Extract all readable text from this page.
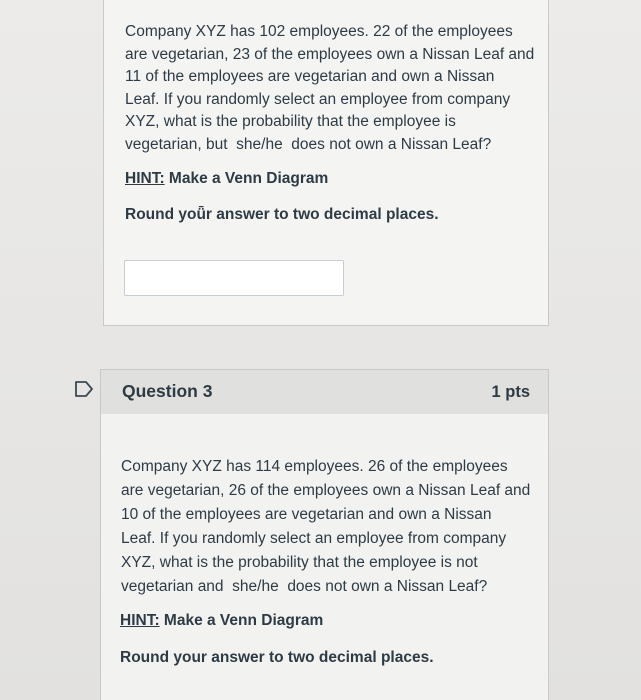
Company XYZ has 102 employees. 22 of the employees

are vegetarian, 23 of the employees own a Nissan Leaf and

11 of the employees are vegetarian and own a Nissan

Leaf. If you randomly select an employee from company

XYZ, what is the probability that the employee is

vegetarian, but  she/he  does not own a Nissan Leaf?

HINT: Make a Venn Diagram
Round yoǖr answer to two decimal places.
Question 3	1 pts

Company XYZ has 114 employees. 26 of the employees

are vegetarian, 26 of the employees own a Nissan Leaf and

10 of the employees are vegetarian and own a Nissan

Leaf. If you randomly select an employee from company

XYZ, what is the probability that the employee is not

vegetarian and  she/he  does not own a Nissan Leaf?

HINT: Make a Venn Diagram
Round your answer to two decimal places.
